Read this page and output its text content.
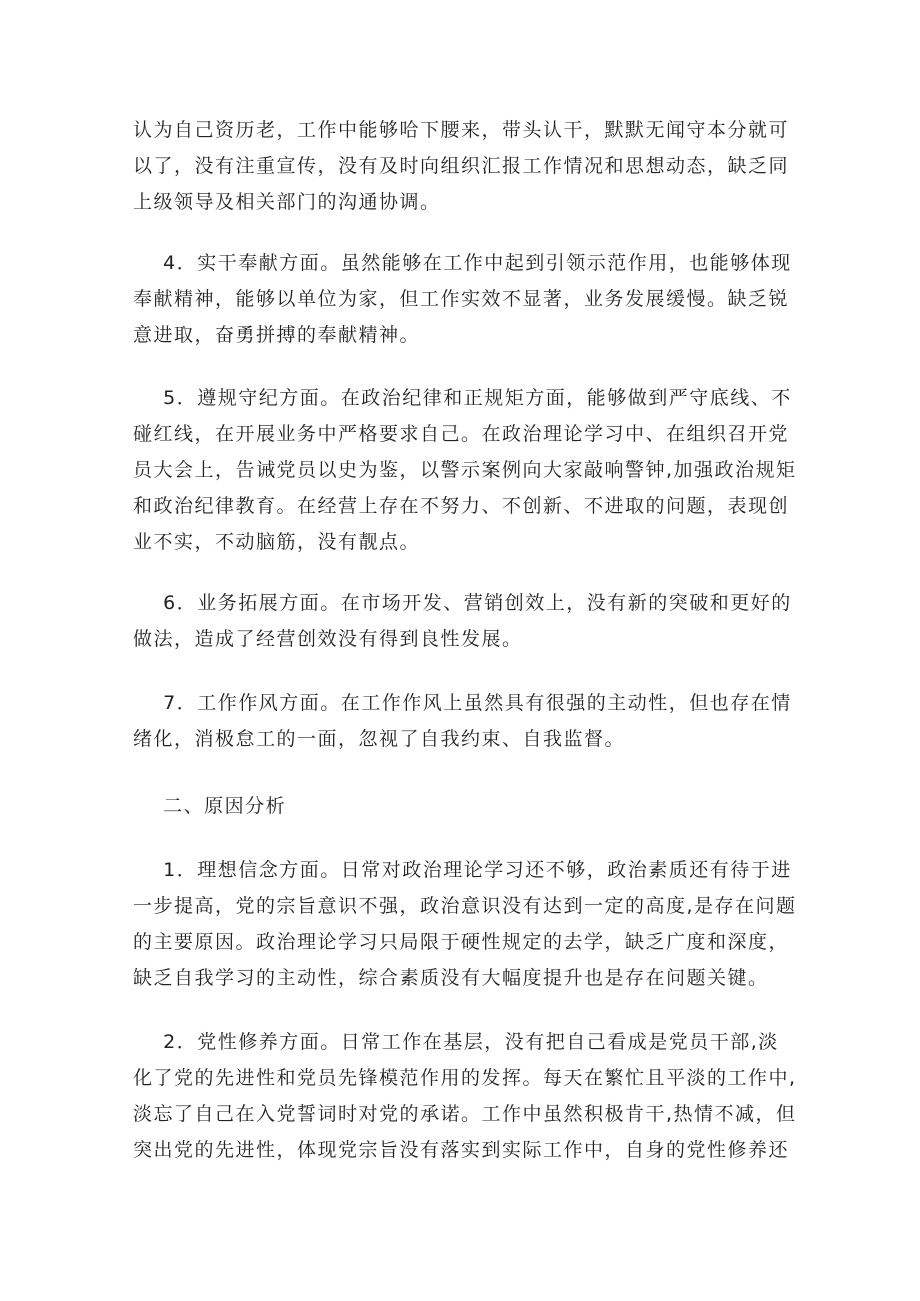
认为自己资历老，工作中能够哈下腰来，带头认干，默默无闻守本分就可
以了，没有注重宣传，没有及时向组织汇报工作情况和思想动态，缺乏同
上级领导及相关部门的沟通协调。
4．实干奉献方面。虽然能够在工作中起到引领示范作用，也能够体现
奉献精神，能够以单位为家，但工作实效不显著，业务发展缓慢。缺乏锐
意进取，奋勇拼搏的奉献精神。
5．遵规守纪方面。在政治纪律和正规矩方面，能够做到严守底线、不
碰红线，在开展业务中严格要求自己。在政治理论学习中、在组织召开党
员大会上，告诫党员以史为鉴，以警示案例向大家敲响警钟,加强政治规矩
和政治纪律教育。在经营上存在不努力、不创新、不进取的问题，表现创
业不实，不动脑筋，没有靓点。
6．业务拓展方面。在市场开发、营销创效上，没有新的突破和更好的
做法，造成了经营创效没有得到良性发展。
7．工作作风方面。在工作作风上虽然具有很强的主动性，但也存在情
绪化，消极怠工的一面，忽视了自我约束、自我监督。
二、原因分析
1．理想信念方面。日常对政治理论学习还不够，政治素质还有待于进
一步提高，党的宗旨意识不强，政治意识没有达到一定的高度,是存在问题
的主要原因。政治理论学习只局限于硬性规定的去学，缺乏广度和深度，
缺乏自我学习的主动性，综合素质没有大幅度提升也是存在问题关键。
2．党性修养方面。日常工作在基层，没有把自己看成是党员干部,淡
化了党的先进性和党员先锋模范作用的发挥。每天在繁忙且平淡的工作中,
淡忘了自己在入党誓词时对党的承诺。工作中虽然积极肯干,热情不减，但
突出党的先进性，体现党宗旨没有落实到实际工作中，自身的党性修养还
